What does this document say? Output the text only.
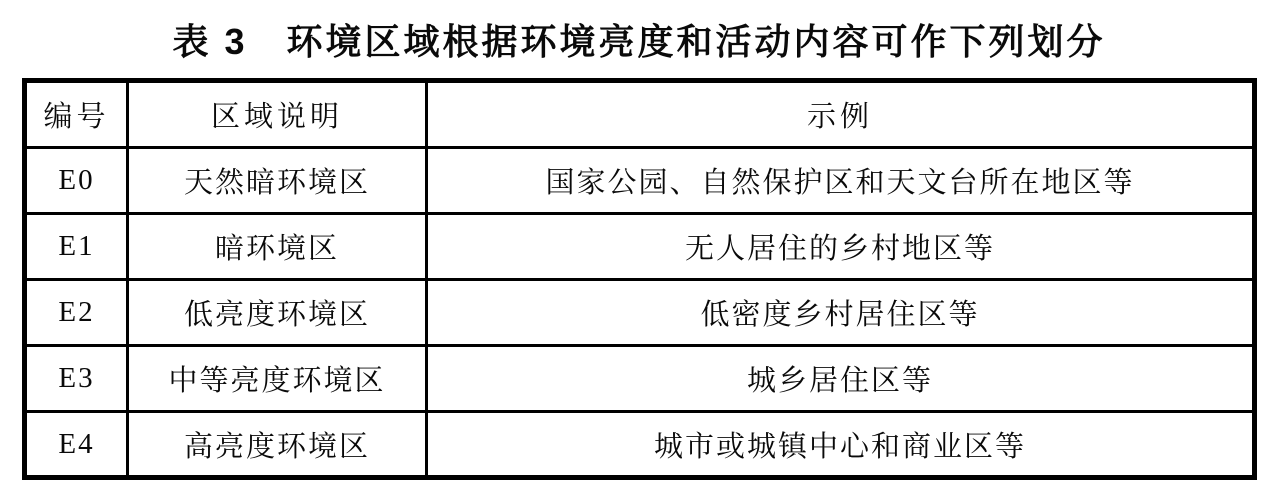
表 3   环境区域根据环境亮度和活动内容可作下列划分
编号	区域说明	示例
E0	天然暗环境区	国家公园、自然保护区和天文台所在地区等
E1	暗环境区	无人居住的乡村地区等
E2	低亮度环境区	低密度乡村居住区等
E3	中等亮度环境区	城乡居住区等
E4	高亮度环境区	城市或城镇中心和商业区等
